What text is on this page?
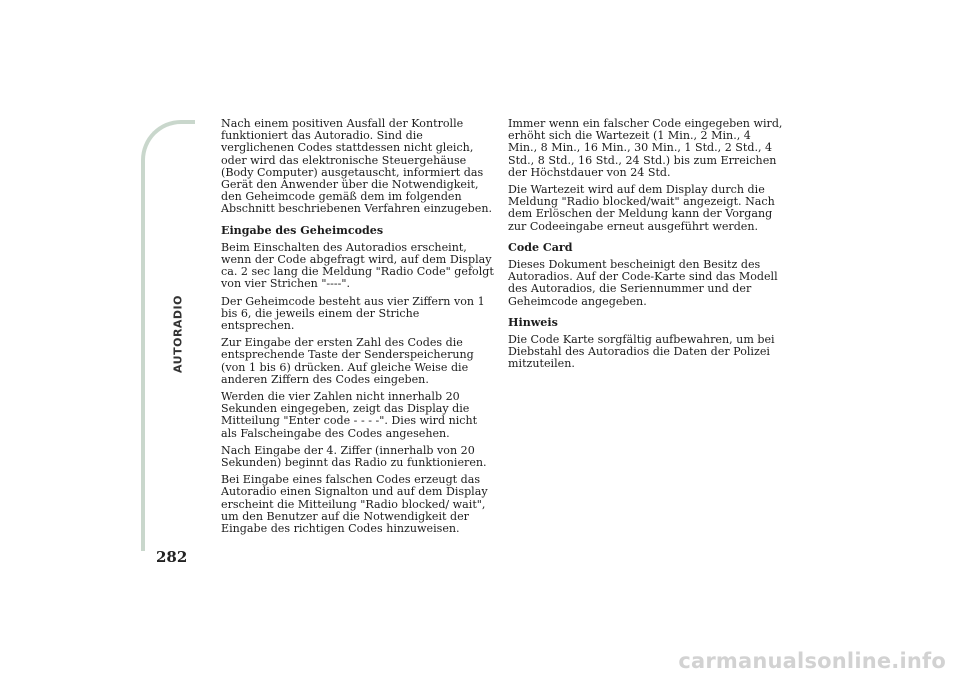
AUTORADIO
282

Nach einem positiven Ausfall der Kontrolle funktioniert das Autoradio. Sind die verglichenen Codes stattdessen nicht gleich, oder wird das elektronische Steuergehäuse (Body Computer) ausgetauscht, informiert das Gerät den Anwender über die Notwendigkeit, den Geheimcode gemäß dem im folgenden Abschnitt beschriebenen Verfahren einzugeben.

Eingabe des Geheimcodes

Beim Einschalten des Autoradios erscheint, wenn der Code abgefragt wird, auf dem Display ca. 2 sec lang die Meldung "Radio Code" gefolgt von vier Strichen "----".

Der Geheimcode besteht aus vier Ziffern von 1 bis 6, die jeweils einem der Striche entsprechen.

Zur Eingabe der ersten Zahl des Codes die entsprechende Taste der Senderspeicherung (von 1 bis 6) drücken. Auf gleiche Weise die anderen Ziffern des Codes eingeben.

Werden die vier Zahlen nicht innerhalb 20 Sekunden eingegeben, zeigt das Display die Mitteilung "Enter code - - - -". Dies wird nicht als Falscheingabe des Codes angesehen.

Nach Eingabe der 4. Ziffer (innerhalb von 20 Sekunden) beginnt das Radio zu funktionieren.

Bei Eingabe eines falschen Codes erzeugt das Autoradio einen Signalton und auf dem Display erscheint die Mitteilung "Radio blocked/ wait", um den Benutzer auf die Notwendigkeit der Eingabe des richtigen Codes hinzuweisen.

Immer wenn ein falscher Code eingegeben wird, erhöht sich die Wartezeit (1 Min., 2 Min., 4 Min., 8 Min., 16 Min., 30 Min., 1 Std., 2 Std., 4 Std., 8 Std., 16 Std., 24 Std.) bis zum Erreichen der Höchstdauer von 24 Std.

Die Wartezeit wird auf dem Display durch die Meldung "Radio blocked/wait" angezeigt. Nach dem Erlöschen der Meldung kann der Vorgang zur Codeeingabe erneut ausgeführt werden.

Code Card

Dieses Dokument bescheinigt den Besitz des Autoradios. Auf der Code-Karte sind das Modell des Autoradios, die Seriennummer und der Geheimcode angegeben.

Hinweis

Die Code Karte sorgfältig aufbewahren, um bei Diebstahl des Autoradios die Daten der Polizei mitzuteilen.

carmanualsonline.info
